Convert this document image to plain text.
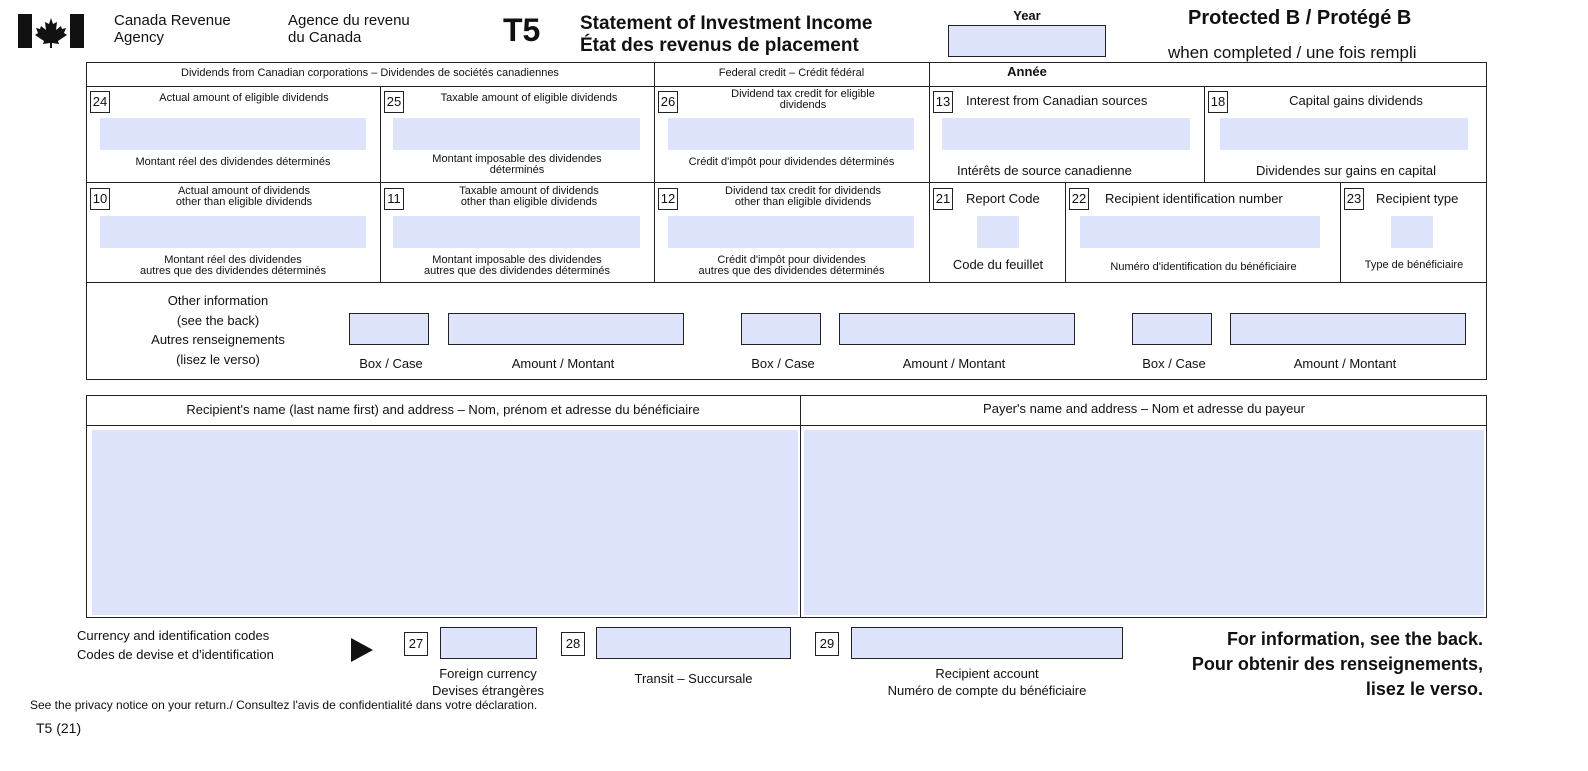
Canada Revenue
Agency
Agence du revenu
du Canada	T5 Statement of Investment Income
État des revenus de placement
Year
Année
Protected B / Protégé B
when completed / une fois rempli
Dividends from Canadian corporations – Dividendes de sociétés canadiennes	Federal credit – Crédit fédéral
24	Actual amount of eligible dividends
Montant réel des dividendes déterminés
25	Taxable amount of eligible dividends
Montant imposable des dividendes
déterminés
26	Dividend tax credit for eligible
dividends
Crédit d'impôt pour dividendes déterminés
13 Interest from Canadian sources
Intérêts de source canadienne
18	Capital gains dividends
Dividendes sur gains en capital
10	Actual amount of dividends
other than eligible dividends
Montant réel des dividendes
autres que des dividendes déterminés
11	Taxable amount of dividends
other than eligible dividends
Montant imposable des dividendes
autres que des dividendes déterminés
12	Dividend tax credit for dividends
other than eligible dividends
Crédit d'impôt pour dividendes
autres que des dividendes déterminés
21 Report Code
Code du feuillet
22 Recipient identification number
Numéro d'identification du bénéficiaire
23 Recipient type
Type de bénéficiaire
Other information
(see the back)
Autres renseignements
(lisez le verso)	Box / Case	Amount / Montant	Box / Case	Amount / Montant	Box / Case	Amount / Montant
Recipient's name (last name first) and address – Nom, prénom et adresse du bénéficiaire	Payer's name and address – Nom et adresse du payeur
Currency and identification codes
Codes de devise et d'identification
27
Foreign currency
Devises étrangères
28
Transit – Succursale
29
Recipient account
Numéro de compte du bénéficiaire
For information, see the back.
Pour obtenir des renseignements,
lisez le verso.
See the privacy notice on your return./ Consultez l'avis de confidentialité dans votre déclaration.
T5 (21)
